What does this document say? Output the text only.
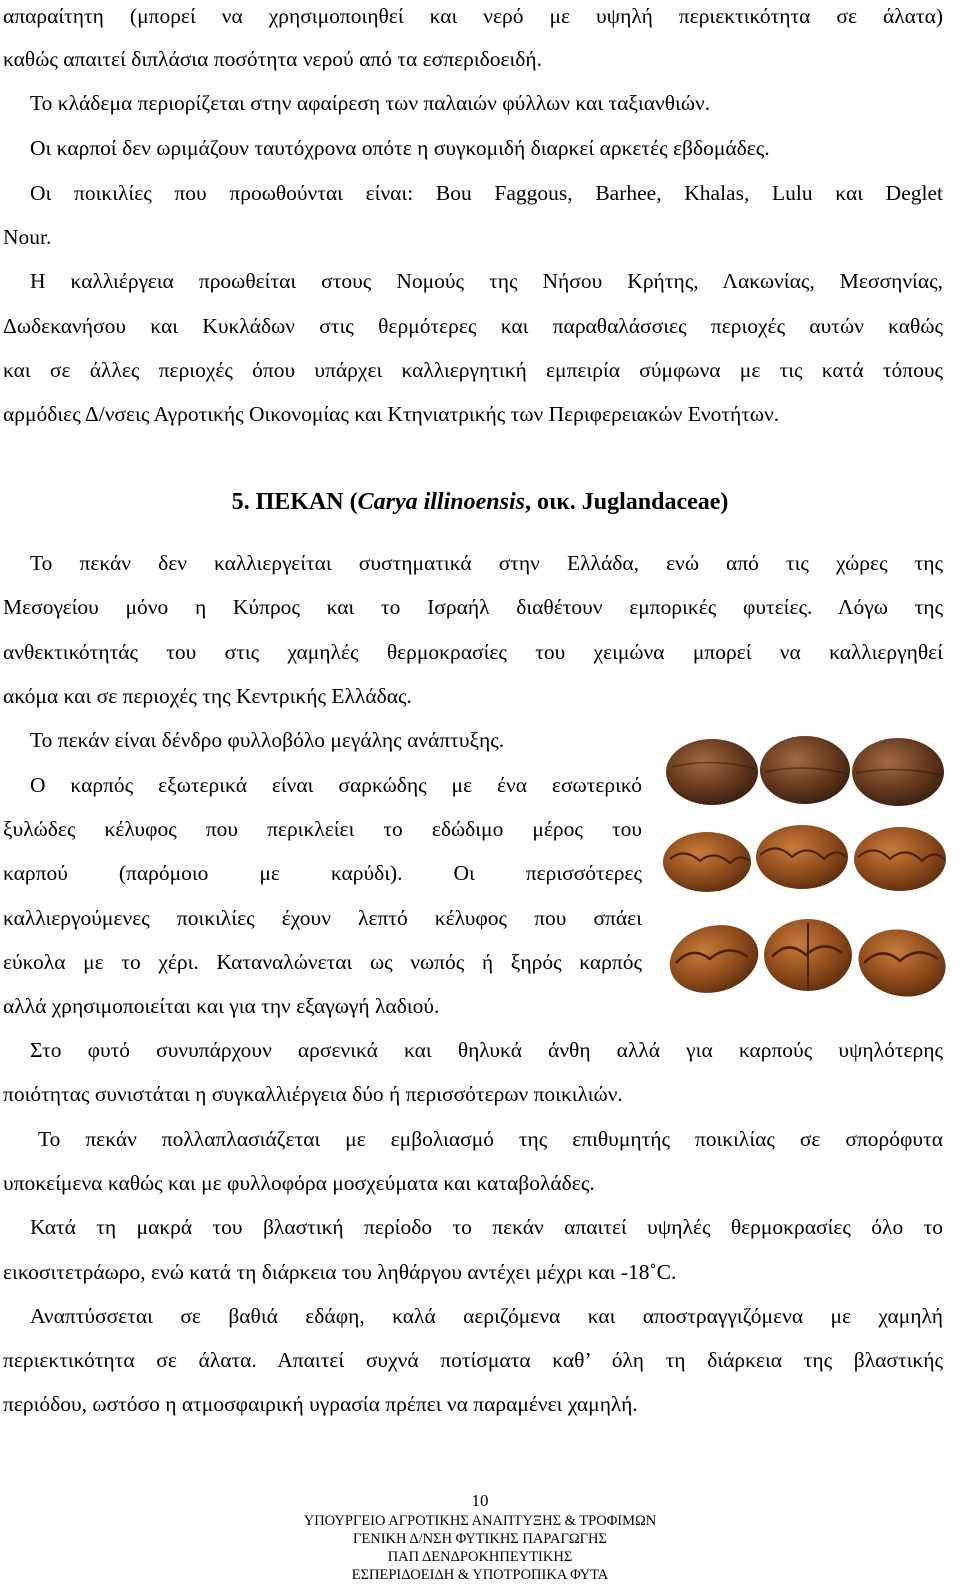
απαραίτητη (μπορεί να χρησιμοποιηθεί και νερό με υψηλή περιεκτικότητα σε άλατα)
καθώς απαιτεί διπλάσια ποσότητα νερού από τα εσπεριδοειδή.
Το κλάδεμα περιορίζεται στην αφαίρεση των παλαιών φύλλων και ταξιανθιών.
Οι καρποί δεν ωριμάζουν ταυτόχρονα οπότε η συγκομιδή διαρκεί αρκετές εβδομάδες.
Οι ποικιλίες που προωθούνται είναι: Bou Faggous, Barhee, Khalas, Lulu και Deglet
Nour.
Η καλλιέργεια προωθείται στους Νομούς της Νήσου Κρήτης, Λακωνίας, Μεσσηνίας,
Δωδεκανήσου και Κυκλάδων στις θερμότερες και παραθαλάσσιες περιοχές αυτών καθώς
και σε άλλες περιοχές όπου υπάρχει καλλιεργητική εμπειρία σύμφωνα με τις κατά τόπους
αρμόδιες Δ/νσεις Αγροτικής Οικονομίας και Κτηνιατρικής των Περιφερειακών Ενοτήτων.
5. ΠΕΚΑΝ (Carya illinoensis, οικ. Juglandaceae)
Το πεκάν δεν καλλιεργείται συστηματικά στην Ελλάδα, ενώ από τις χώρες της
Μεσογείου μόνο η Κύπρος και το Ισραήλ διαθέτουν εμπορικές φυτείες. Λόγω της
ανθεκτικότητάς του στις χαμηλές θερμοκρασίες του χειμώνα μπορεί να καλλιεργηθεί
ακόμα και σε περιοχές της Κεντρικής Ελλάδας.
Το πεκάν είναι δένδρο φυλλοβόλο μεγάλης ανάπτυξης.
Ο καρπός εξωτερικά είναι σαρκώδης με ένα εσωτερικό
ξυλώδες κέλυφος που περικλείει το εδώδιμο μέρος του
καρπού (παρόμοιο με καρύδι). Οι περισσότερες
καλλιεργούμενες ποικιλίες έχουν λεπτό κέλυφος που σπάει
εύκολα με το χέρι. Καταναλώνεται ως νωπός ή ξηρός καρπός
αλλά χρησιμοποιείται και για την εξαγωγή λαδιού.
Στο φυτό συνυπάρχουν αρσενικά και θηλυκά άνθη αλλά για καρπούς υψηλότερης
ποιότητας συνιστάται η συγκαλλιέργεια δύο ή περισσότερων ποικιλιών.
Το πεκάν πολλαπλασιάζεται με εμβολιασμό της επιθυμητής ποικιλίας σε σπορόφυτα
υποκείμενα καθώς και με φυλλοφόρα μοσχεύματα και καταβολάδες.
Κατά τη μακρά του βλαστική περίοδο το πεκάν απαιτεί υψηλές θερμοκρασίες όλο το
εικοσιτετράωρο, ενώ κατά τη διάρκεια του ληθάργου αντέχει μέχρι και -18˚C.
Αναπτύσσεται σε βαθιά εδάφη, καλά αεριζόμενα και αποστραγγιζόμενα με χαμηλή
περιεκτικότητα σε άλατα. Απαιτεί συχνά ποτίσματα καθ’ όλη τη διάρκεια της βλαστικής
περιόδου, ωστόσο η ατμοσφαιρική υγρασία πρέπει να παραμένει χαμηλή.
10
ΥΠΟΥΡΓΕΙΟ ΑΓΡΟΤΙΚΗΣ ΑΝΑΠΤΥΞΗΣ & ΤΡΟΦΙΜΩΝ
ΓΕΝΙΚΗ Δ/ΝΣΗ ΦΥΤΙΚΗΣ ΠΑΡΑΓΩΓΗΣ
ΠΑΠ ΔΕΝΔΡΟΚΗΠΕΥΤΙΚΗΣ
ΕΣΠΕΡΙΔΟΕΙΔΗ & ΥΠΟΤΡΟΠΙΚΑ ΦΥΤΑ
